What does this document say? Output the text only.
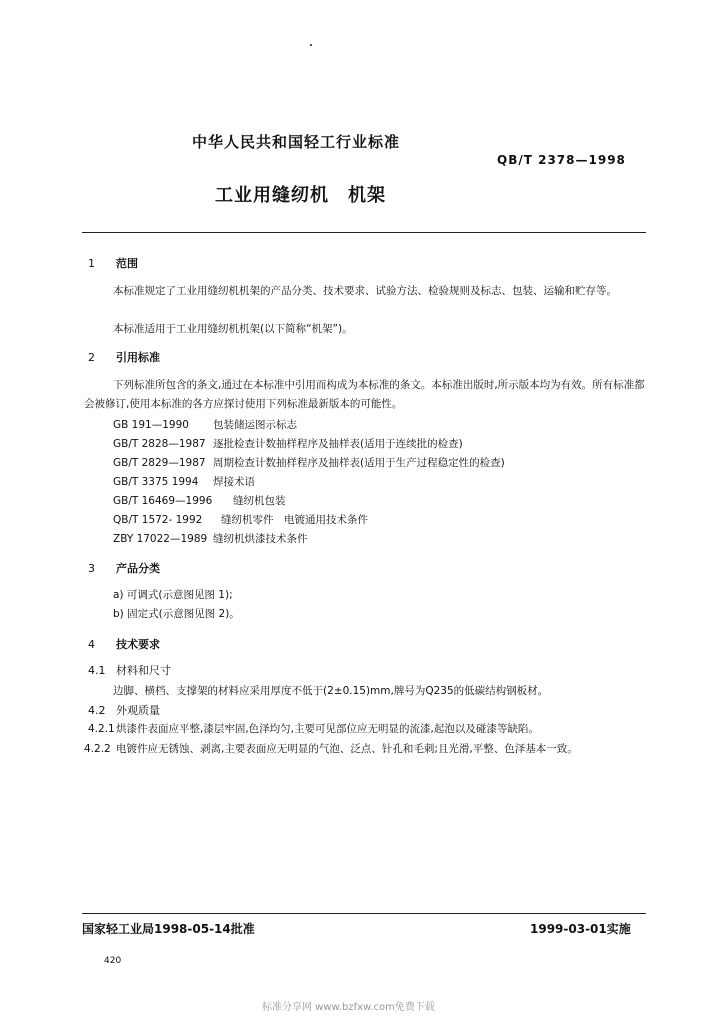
中华人民共和国轻工行业标准
QB/T 2378—1998
工业用缝纫机　机架
1 范围
本标准规定了工业用缝纫机机架的产品分类、技术要求、试验方法、检验规则及标志、包装、运输和贮存等。
本标准适用于工业用缝纫机机架(以下简称“机架”)。
2 引用标准
下列标准所包含的条文,通过在本标准中引用而构成为本标准的条文。本标准出版时,所示版本均为有效。所有标准都会被修订,使用本标准的各方应探讨使用下列标准最新版本的可能性。
GB 191—1990 包装储运图示标志
GB/T 2828—1987 逐批检查计数抽样程序及抽样表(适用于连续批的检查)
GB/T 2829—1987 周期检查计数抽样程序及抽样表(适用于生产过程稳定性的检查)
GB/T 3375 1994 焊接术语
GB/T 16469—1996 缝纫机包装
QB/T 1572- 1992 缝纫机零件　电镀通用技术条件
ZBY 17022—1989 缝纫机烘漆技术条件
3 产品分类
a) 可调式(示意图见图 1);
b) 固定式(示意图见图 2)。
4 技术要求
4.1 材料和尺寸
边脚、横档、支撑架的材料应采用厚度不低于(2±0.15)mm,牌号为Q235的低碳结构钢板材。
4.2 外观质量
4.2.1烘漆件表面应平整,漆层牢固,色泽均匀,主要可见部位应无明显的流漆,起泡以及碰漆等缺陷。
4.2.2 电镀件应无锈蚀、剥离,主要表面应无明显的气泡、泛点、针孔和毛刺;且光滑,平整、色泽基本一致。
国家轻工业局1998-05-14批准	1999-03-01实施
420
标准分享网 www.bzfxw.com免费下载
